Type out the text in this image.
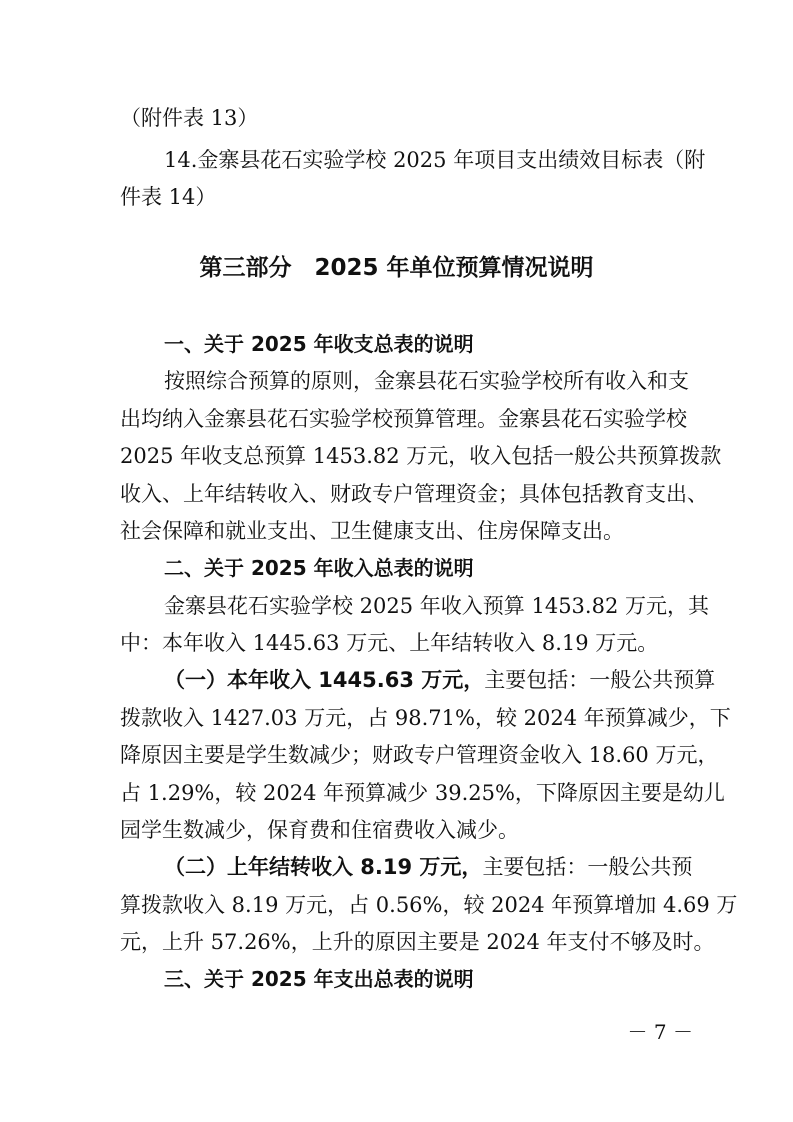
（附件表 13）
14.金寨县花石实验学校 2025 年项目支出绩效目标表（附
件表 14）
第三部分　2025 年单位预算情况说明
一、关于 2025 年收支总表的说明
按照综合预算的原则，金寨县花石实验学校所有收入和支
出均纳入金寨县花石实验学校预算管理。金寨县花石实验学校
2025 年收支总预算 1453.82 万元，收入包括一般公共预算拨款
收入、上年结转收入、财政专户管理资金；具体包括教育支出、
社会保障和就业支出、卫生健康支出、住房保障支出。
二、关于 2025 年收入总表的说明
金寨县花石实验学校 2025 年收入预算 1453.82 万元，其
中：本年收入 1445.63 万元、上年结转收入 8.19 万元。
（一）本年收入 1445.63 万元，主要包括：一般公共预算
拨款收入 1427.03 万元，占 98.71%，较 2024 年预算减少，下
降原因主要是学生数减少；财政专户管理资金收入 18.60 万元，
占 1.29%，较 2024 年预算减少 39.25%，下降原因主要是幼儿
园学生数减少，保育费和住宿费收入减少。
（二）上年结转收入 8.19 万元，主要包括：一般公共预
算拨款收入 8.19 万元，占 0.56%，较 2024 年预算增加 4.69 万
元，上升 57.26%，上升的原因主要是 2024 年支付不够及时。
三、关于 2025 年支出总表的说明
－ 7 －
